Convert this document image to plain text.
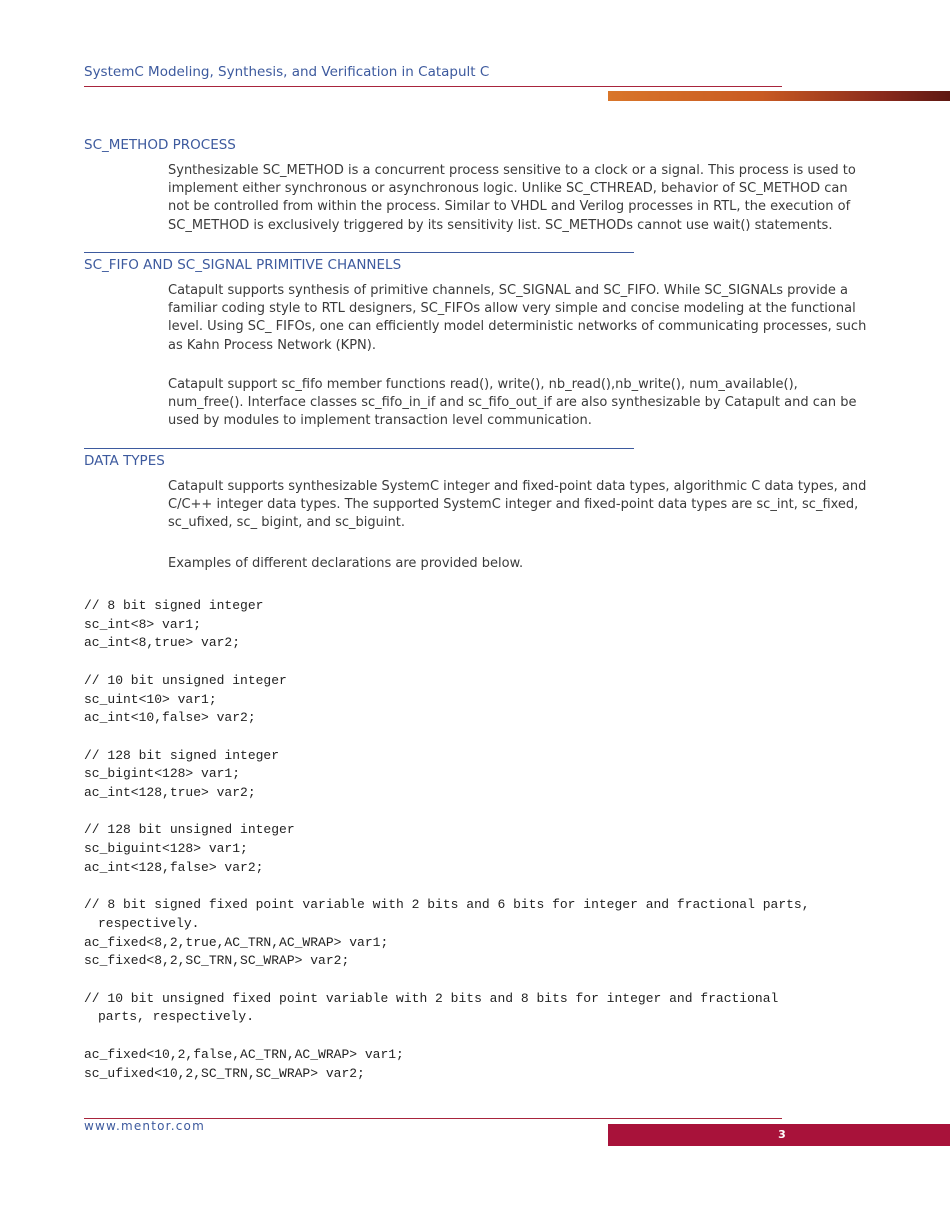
SystemC Modeling, Synthesis, and Verification in Catapult C
SC_METHOD PROCESS
Synthesizable SC_METHOD is a concurrent process sensitive to a clock or a signal. This process is used to implement either synchronous or asynchronous logic. Unlike SC_CTHREAD, behavior of SC_METHOD can not be controlled from within the process. Similar to VHDL and Verilog processes in RTL, the execution of SC_METHOD is exclusively triggered by its sensitivity list. SC_METHODs cannot use wait() statements.
SC_FIFO AND SC_SIGNAL PRIMITIVE CHANNELS
Catapult supports synthesis of primitive channels, SC_SIGNAL and SC_FIFO. While SC_SIGNALs provide a familiar coding style to RTL designers, SC_FIFOs allow very simple and concise modeling at the functional level. Using SC_ FIFOs, one can efficiently model deterministic networks of communicating processes, such as Kahn Process Network (KPN).
Catapult support sc_fifo member functions read(), write(), nb_read(),nb_write(), num_available(), num_free(). Interface classes sc_fifo_in_if and sc_fifo_out_if are also synthesizable by Catapult and can be used by modules to implement transaction level communication.
DATA TYPES
Catapult supports synthesizable SystemC integer and fixed-point data types, algorithmic C data types, and C/C++ integer data types. The supported SystemC integer and fixed-point data types are sc_int, sc_fixed, sc_ufixed, sc_ bigint, and sc_biguint.
Examples of different declarations are provided below.
// 8 bit signed integer
sc_int<8> var1;
ac_int<8,true> var2;

// 10 bit unsigned integer
sc_uint<10> var1;
ac_int<10,false> var2;

// 128 bit signed integer
sc_bigint<128> var1;
ac_int<128,true> var2;

// 128 bit unsigned integer
sc_biguint<128> var1;
ac_int<128,false> var2;

// 8 bit signed fixed point variable with 2 bits and 6 bits for integer and fractional parts,
respectively.
ac_fixed<8,2,true,AC_TRN,AC_WRAP> var1;
sc_fixed<8,2,SC_TRN,SC_WRAP> var2;

// 10 bit unsigned fixed point variable with 2 bits and 8 bits for integer and fractional
parts, respectively.

ac_fixed<10,2,false,AC_TRN,AC_WRAP> var1;
sc_ufixed<10,2,SC_TRN,SC_WRAP> var2;
www.mentor.com
3
